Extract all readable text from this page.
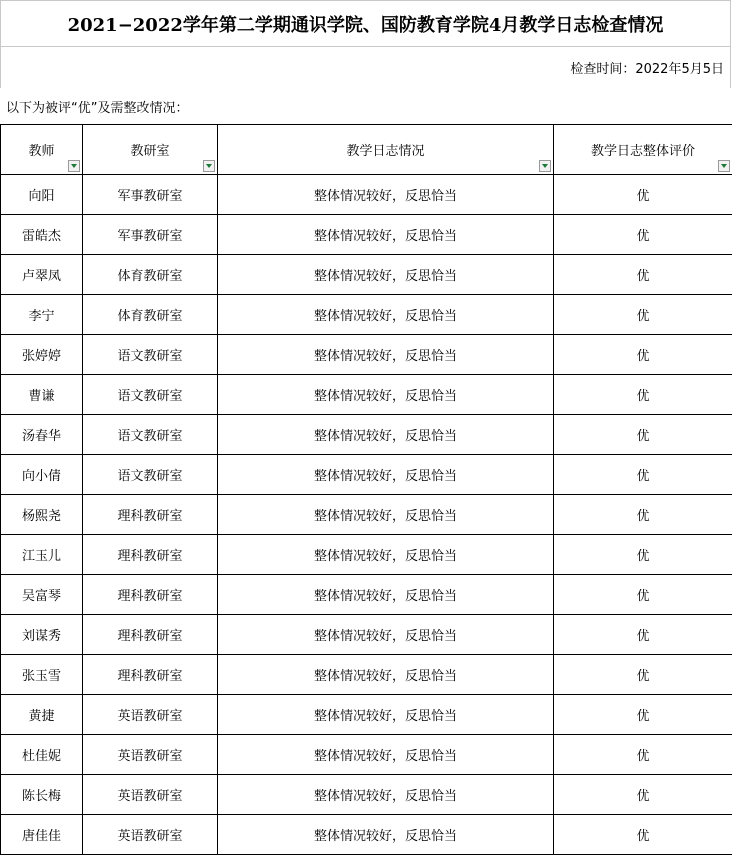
2021−2022学年第二学期通识学院、国防教育学院4月教学日志检查情况
检查时间：2022年5月5日
以下为被评“优”及需整改情况：
教师	教研室	教学日志情况	教学日志整体评价

向阳	军事教研室	整体情况较好，反思恰当	优
雷皓杰	军事教研室	整体情况较好，反思恰当	优
卢翠凤	体育教研室	整体情况较好，反思恰当	优
李宁	体育教研室	整体情况较好，反思恰当	优
张婷婷	语文教研室	整体情况较好，反思恰当	优
曹谦	语文教研室	整体情况较好，反思恰当	优
汤春华	语文教研室	整体情况较好，反思恰当	优
向小倩	语文教研室	整体情况较好，反思恰当	优
杨熙尧	理科教研室	整体情况较好，反思恰当	优
江玉儿	理科教研室	整体情况较好，反思恰当	优
吴富琴	理科教研室	整体情况较好，反思恰当	优
刘谋秀	理科教研室	整体情况较好，反思恰当	优
张玉雪	理科教研室	整体情况较好，反思恰当	优
黄捷	英语教研室	整体情况较好，反思恰当	优
杜佳妮	英语教研室	整体情况较好，反思恰当	优
陈长梅	英语教研室	整体情况较好，反思恰当	优
唐佳佳	英语教研室	整体情况较好，反思恰当	优
